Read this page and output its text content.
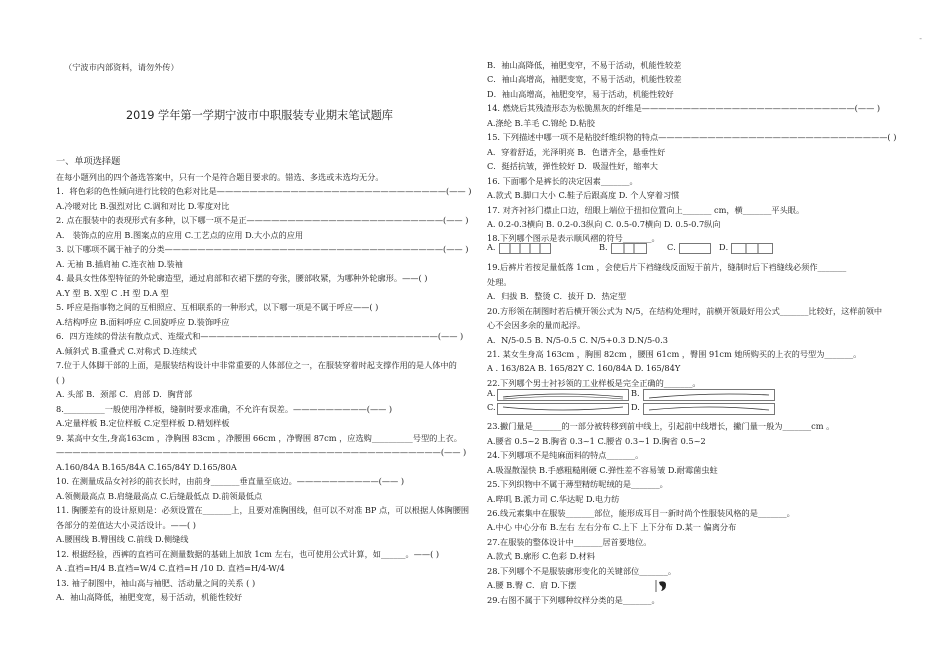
-
（宁波市内部资料，请勿外传）
2019 学年第一学期宁波市中职服装专业期末笔试题库
一、单项选择题
在每小题列出的四个备选答案中，只有一个是符合题目要求的。错选、多选或未选均无分。
1．将色彩的色性倾向进行比较的色彩对比是————————————————————————————(—— )
A.冷暖对比 B.强烈对比 C.调和对比 D.零度对比
2. 点在服装中的表现形式有多种，以下哪一项不是正————————————————————————(—— )
A． 装饰点的应用 B.图案点的应用 C.工艺点的应用 D.大小点的应用
3. 以下哪项不属于袖子的分类——————————————————————————————————(—— )
A. 无袖 B.插肩袖 C.连衣袖 D.装袖
4. 最具女性体型特征的外轮廓造型，通过肩部和衣裙下摆的夸张，腰部收紧，为哪种外轮廓形。——( )
A.Y 型 B. X型 C .H 型 D.A 型
5. 呼应是指事物之间的互相照应、互相联系的一种形式，以下哪一项是不属于呼应——( )
A.结构呼应 B.面料呼应 C.回旋呼应 D.装饰呼应
6．四方连续的骨法有散点式、连缀式和—————————————————————————————(—— )
A.倾斜式 B.重叠式 C.对称式 D.连续式
7.位于人体脚干部的上面，是服装结构设计中非常重要的人体部位之一，在服装穿着时起支撑作用的是人体中的
( )
A. 头部 B．颈部 C．肩部 D．胸背部
8.__________一般使用净样板，缝制时要求准确，不允许有误差。—————————(—— )
A.定量样板 B.定位样板 C.定型样板 D.精划样板
9. 某高中女生,身高163cm ，净胸围 83cm ，净腰围 66cm ，净臀围 87cm ，应选购__________号型的上衣。
———————————————————————————————————————————————(—— )
A.160/84A B.165/84A C.165/84Y D.165/80A
10. 在测量成品女衬衫的前衣长时，由前身_______垂直量至底边。——————————(—— )
A.领侧最高点 B.肩缝最高点 C.后缝最低点 D.前领最低点
11. 胸腰差有的设计原则是：必须设置在_______上，且要对准胸围线，但可以不对准 BP 点，可以根据人体胸腰围
各部分的差值达大小灵活设计。——( )
A.腰围线 B.臀围线 C.前线 D.侧缝线
12. 根据经验，西裤的直裆可在测量数据的基础上加放 1cm 左右，也可使用公式计算，如______。——( )
A .直裆=H/4 B.直裆=W/4 C.直裆=H /10 D. 直裆=H/4-W/4
13. 袖子制图中，袖山高与袖肥、活动量之间的关系 ( )
A．袖山高降低，袖肥变宽，易于活动，机能性较好
B．袖山高降低，袖肥变窄，不易于活动，机能性较差
C．袖山高增高，袖肥变宽，不易于活动，机能性较差
D．袖山高增高，袖肥变窄，易于活动，机能性较好
14. 燃烧后其残渣形态为松脆黑灰的纤维是——————————————————————————(—— )
A.涤纶 B.羊毛 C.锦纶 D.粘胶
15. 下列描述中哪一项不是粘胶纤维织物的特点————————————————————————————( )
A．穿着舒适，光泽明亮 B．色谱齐全，悬垂性好
C．挺括抗皱，弹性较好 D．吸湿性好，缩率大
16. 下面哪个是裤长的决定因素_______。
A.款式 B.脚口大小 C.鞋子后跟高度 D. 个人穿着习惯
17. 对齐衬衫门襟止口边，纽眼上端位于扭扣位置向上_______ cm，横_______平头眼。
A. 0.2-0.3横向 B. 0.2-0.3纵向 C. 0.5-0.7横向 D. 0.5-0.7纵向
18.下列哪个图示是表示顺风褶的符号_______。
19.后裤片若按足量低落 1cm ，会使后片下裆缝线反面短于前片，缝制时后下裆缝线必须作_______
处理。
A．归拔 B．整烫 C．拔开 D．热定型
20.方形领在制图时若后横开领公式为 N/5，在结构处理时，前横开领最好用公式_______比较好，这样前领中
心不会因多余的量而起浮。
A．N/5-0.5 B. N/5-0.5 C. N/5+0.3 D.N/5-0.3
21. 某女生身高 163cm ，胸围 82cm ，腰围 61cm ，臀围 91cm 她所购买的上衣的号型为_______。
A . 163/82A B. 165/82Y C. 160/84A D. 165/84Y
22.下列哪个男士衬衫领的工业样板是完全正确的_______。
23.撇门量是_______的一部分被转移到前中线上，引起前中线增长，撇门量一般为_______cm 。
A.腰省 0.5~2 B.胸省 0.3~1 C.腰省 0.3~1 D.胸省 0.5~2
24.下列哪项不是纯麻面料的特点_______。
A.吸湿散湿快 B.手感粗糙刚硬 C.弹性差不容易皱 D.耐霉菌虫蛀
25.下列织物中不属于薄型精纺呢绒的是_______。
A.哔叽 B.派力司 C.华达呢 D.电力纺
26.线元素集中在服装_______部位，能形成耳目一新时尚个性服装风格的是_______。
A.中心 中心分布 B.左右 左右分布 C.上下 上下分布 D.某一 偏离分布
27.在服装的整体设计中_______居首要地位。
A.款式 B.廓形 C.色彩 D.材料
28.下列哪个不是服装廓形变化的关键部位_______。
A.腰 B.臀 C．肩 D.下摆
29.右图不属于下列哪种纹样分类的是_______。
A．	B．	C．	D．
A.	B.
C.	D.
